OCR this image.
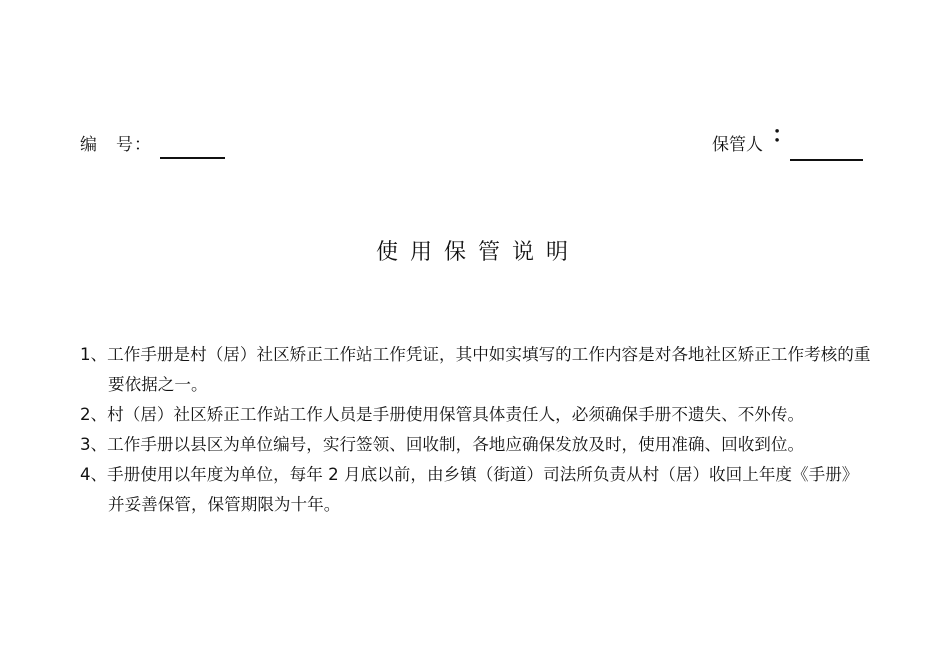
编　号：	保管人 ：
使用保管说明
1、工作手册是村（居）社区矫正工作站工作凭证，其中如实填写的工作内容是对各地社区矫正工作考核的重要依据之一。
2、村（居）社区矫正工作站工作人员是手册使用保管具体责任人，必须确保手册不遗失、不外传。
3、工作手册以县区为单位编号，实行签领、回收制，各地应确保发放及时，使用准确、回收到位。
4、手册使用以年度为单位，每年 2 月底以前，由乡镇（街道）司法所负责从村（居）收回上年度《手册》并妥善保管，保管期限为十年。
